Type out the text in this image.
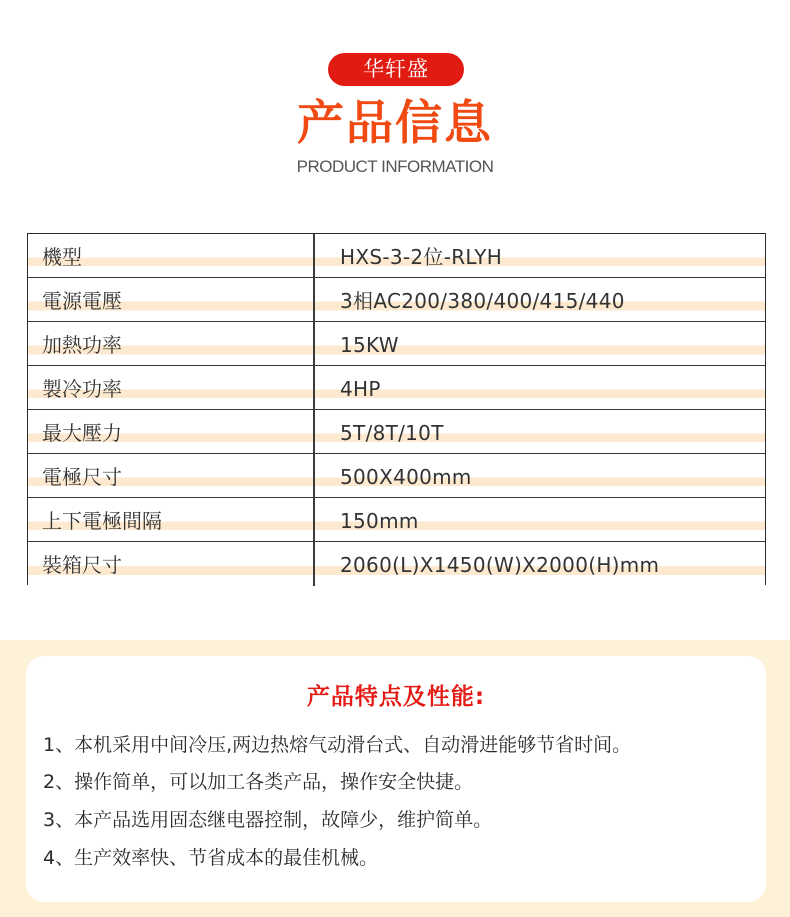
华轩盛
产品信息
PRODUCT INFORMATION
機型	HXS-3-2位-RLYH
電源電壓	3相AC200/380/400/415/440
加熱功率	15KW
製冷功率	4HP
最大壓力	5T/8T/10T
電極尺寸	500X400mm
上下電極間隔	150mm
裝箱尺寸	2060(L)X1450(W)X2000(H)mm
产品特点及性能:
1、本机采用中间冷压,两边热熔气动滑台式、自动滑进能够节省时间。
2、操作简单，可以加工各类产品，操作安全快捷。
3、本产品选用固态继电器控制，故障少，维护简单。
4、生产效率快、节省成本的最佳机械。
